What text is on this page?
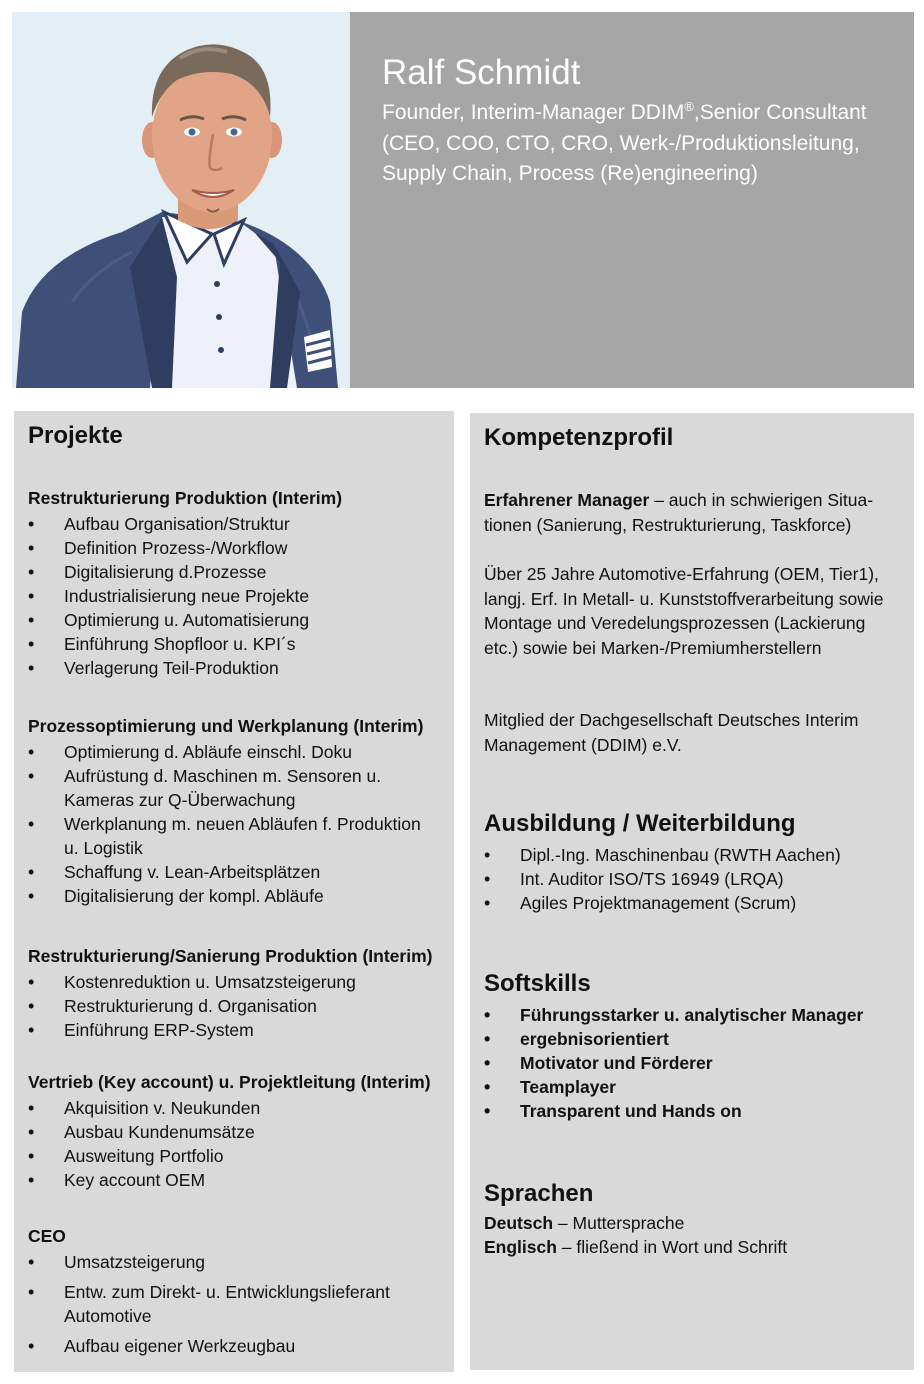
Ralf Schmidt
Founder, Interim-Manager DDIM®,Senior Consultant (CEO, COO, CTO, CRO, Werk-/Produktionsleitung, Supply Chain, Process (Re)engineering)
Projekte
Restrukturierung Produktion (Interim)
• Aufbau Organisation/Struktur
• Definition Prozess-/Workflow
• Digitalisierung d.Prozesse
• Industrialisierung neue Projekte
• Optimierung u. Automatisierung
• Einführung Shopfloor u. KPI´s
• Verlagerung Teil-Produktion
Prozessoptimierung und Werkplanung (Interim)
• Optimierung d. Abläufe einschl. Doku
• Aufrüstung d. Maschinen m. Sensoren u. Kameras zur Q-Überwachung
• Werkplanung m. neuen Abläufen f. Produktion u. Logistik
• Schaffung v. Lean-Arbeitsplätzen
• Digitalisierung der kompl. Abläufe
Restrukturierung/Sanierung Produktion (Interim)
• Kostenreduktion u. Umsatzsteigerung
• Restrukturierung d. Organisation
• Einführung ERP-System
Vertrieb (Key account) u. Projektleitung (Interim)
• Akquisition v. Neukunden
• Ausbau Kundenumsätze
• Ausweitung Portfolio
• Key account OEM
CEO
• Umsatzsteigerung
• Entw. zum Direkt- u. Entwicklungslieferant Automotive
• Aufbau eigener Werkzeugbau
Kompetenzprofil
Erfahrener Manager – auch in schwierigen Situa-tionen (Sanierung, Restrukturierung, Taskforce)
Über 25 Jahre Automotive-Erfahrung (OEM, Tier1), langj. Erf. In Metall- u. Kunststoffverarbeitung sowie Montage und Veredelungsprozessen (Lackierung etc.) sowie bei Marken-/Premiumherstellern
Mitglied der Dachgesellschaft Deutsches Interim Management (DDIM) e.V.
Ausbildung / Weiterbildung
• Dipl.-Ing. Maschinenbau (RWTH Aachen)
• Int. Auditor ISO/TS 16949 (LRQA)
• Agiles Projektmanagement (Scrum)
Softskills
• Führungsstarker u. analytischer Manager
• ergebnisorientiert
• Motivator und Förderer
• Teamplayer
• Transparent und Hands on
Sprachen
Deutsch – Muttersprache
Englisch – fließend in Wort und Schrift
